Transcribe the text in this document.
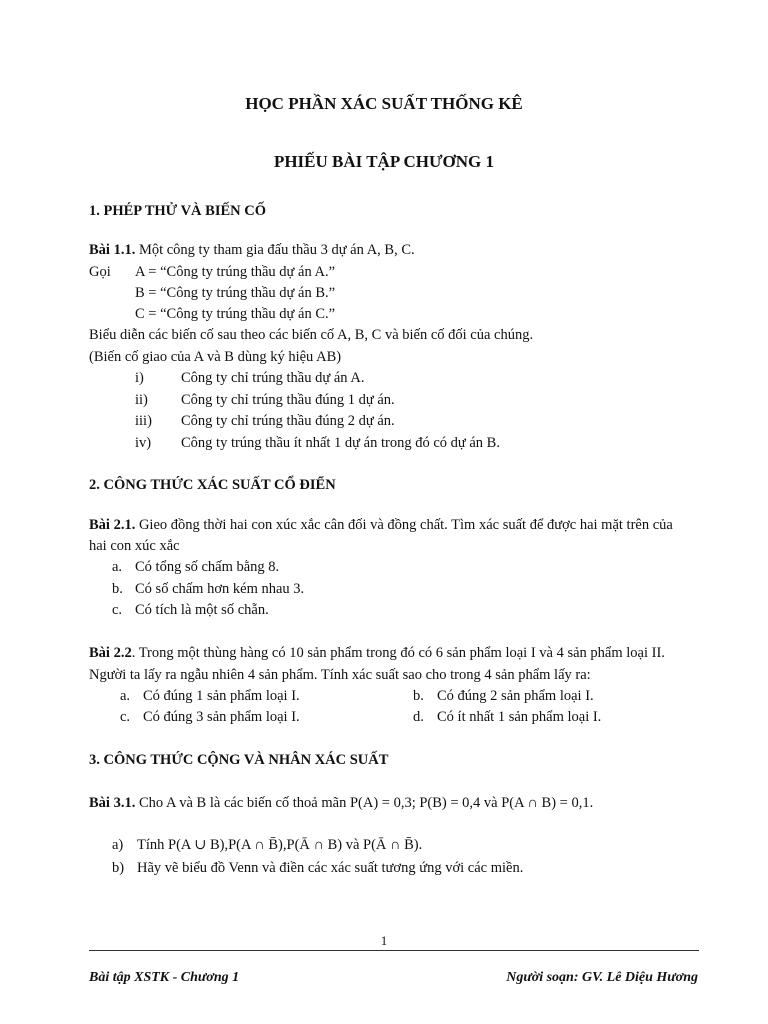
HỌC PHẦN XÁC SUẤT THỐNG KÊ
PHIẾU BÀI TẬP CHƯƠNG 1
1. PHÉP THỬ VÀ BIẾN CỐ
Bài 1.1. Một công ty tham gia đấu thầu 3 dự án A, B, C.
Gọi A = “Công ty trúng thầu dự án A.”
B = “Công ty trúng thầu dự án B.”
C = “Công ty trúng thầu dự án C.”
Biểu diễn các biến cố sau theo các biến cố A, B, C và biến cố đối của chúng.
(Biến cố giao của A và B dùng ký hiệu AB)
i)	Công ty chỉ trúng thầu dự án A.
ii) Công ty chỉ trúng thầu đúng 1 dự án.
iii) Công ty chỉ trúng thầu đúng 2 dự án.
iv) Công ty trúng thầu ít nhất 1 dự án trong đó có dự án B.
2. CÔNG THỨC XÁC SUẤT CỔ ĐIỂN
Bài 2.1. Gieo đồng thời hai con xúc xắc cân đối và đồng chất. Tìm xác suất để được hai mặt trên của
hai con xúc xắc
a. Có tổng số chấm bằng 8.
b. Có số chấm hơn kém nhau 3.
c. Có tích là một số chẵn.
Bài 2.2. Trong một thùng hàng có 10 sản phẩm trong đó có 6 sản phẩm loại I và 4 sản phẩm loại II.
Người ta lấy ra ngẫu nhiên 4 sản phẩm. Tính xác suất sao cho trong 4 sản phẩm lấy ra:
a. Có đúng 1 sản phẩm loại I.	b. Có đúng 2 sản phẩm loại I.
c. Có đúng 3 sản phẩm loại I.	d. Có ít nhất 1 sản phẩm loại I.
3. CÔNG THỨC CỘNG VÀ NHÂN XÁC SUẤT
Bài 3.1. Cho A và B là các biến cố thoả mãn P(A) = 0,3; P(B) = 0,4 và P(A ∩ B) = 0,1.
a) Tính P(A ∪ B),P(A ∩ B̄),P(Ā ∩ B) và P(Ā ∩ B̄).
b) Hãy vẽ biểu đồ Venn và điền các xác suất tương ứng với các miền.
1
Bài tập XSTK - Chương 1	Người soạn: GV. Lê Diệu Hương
